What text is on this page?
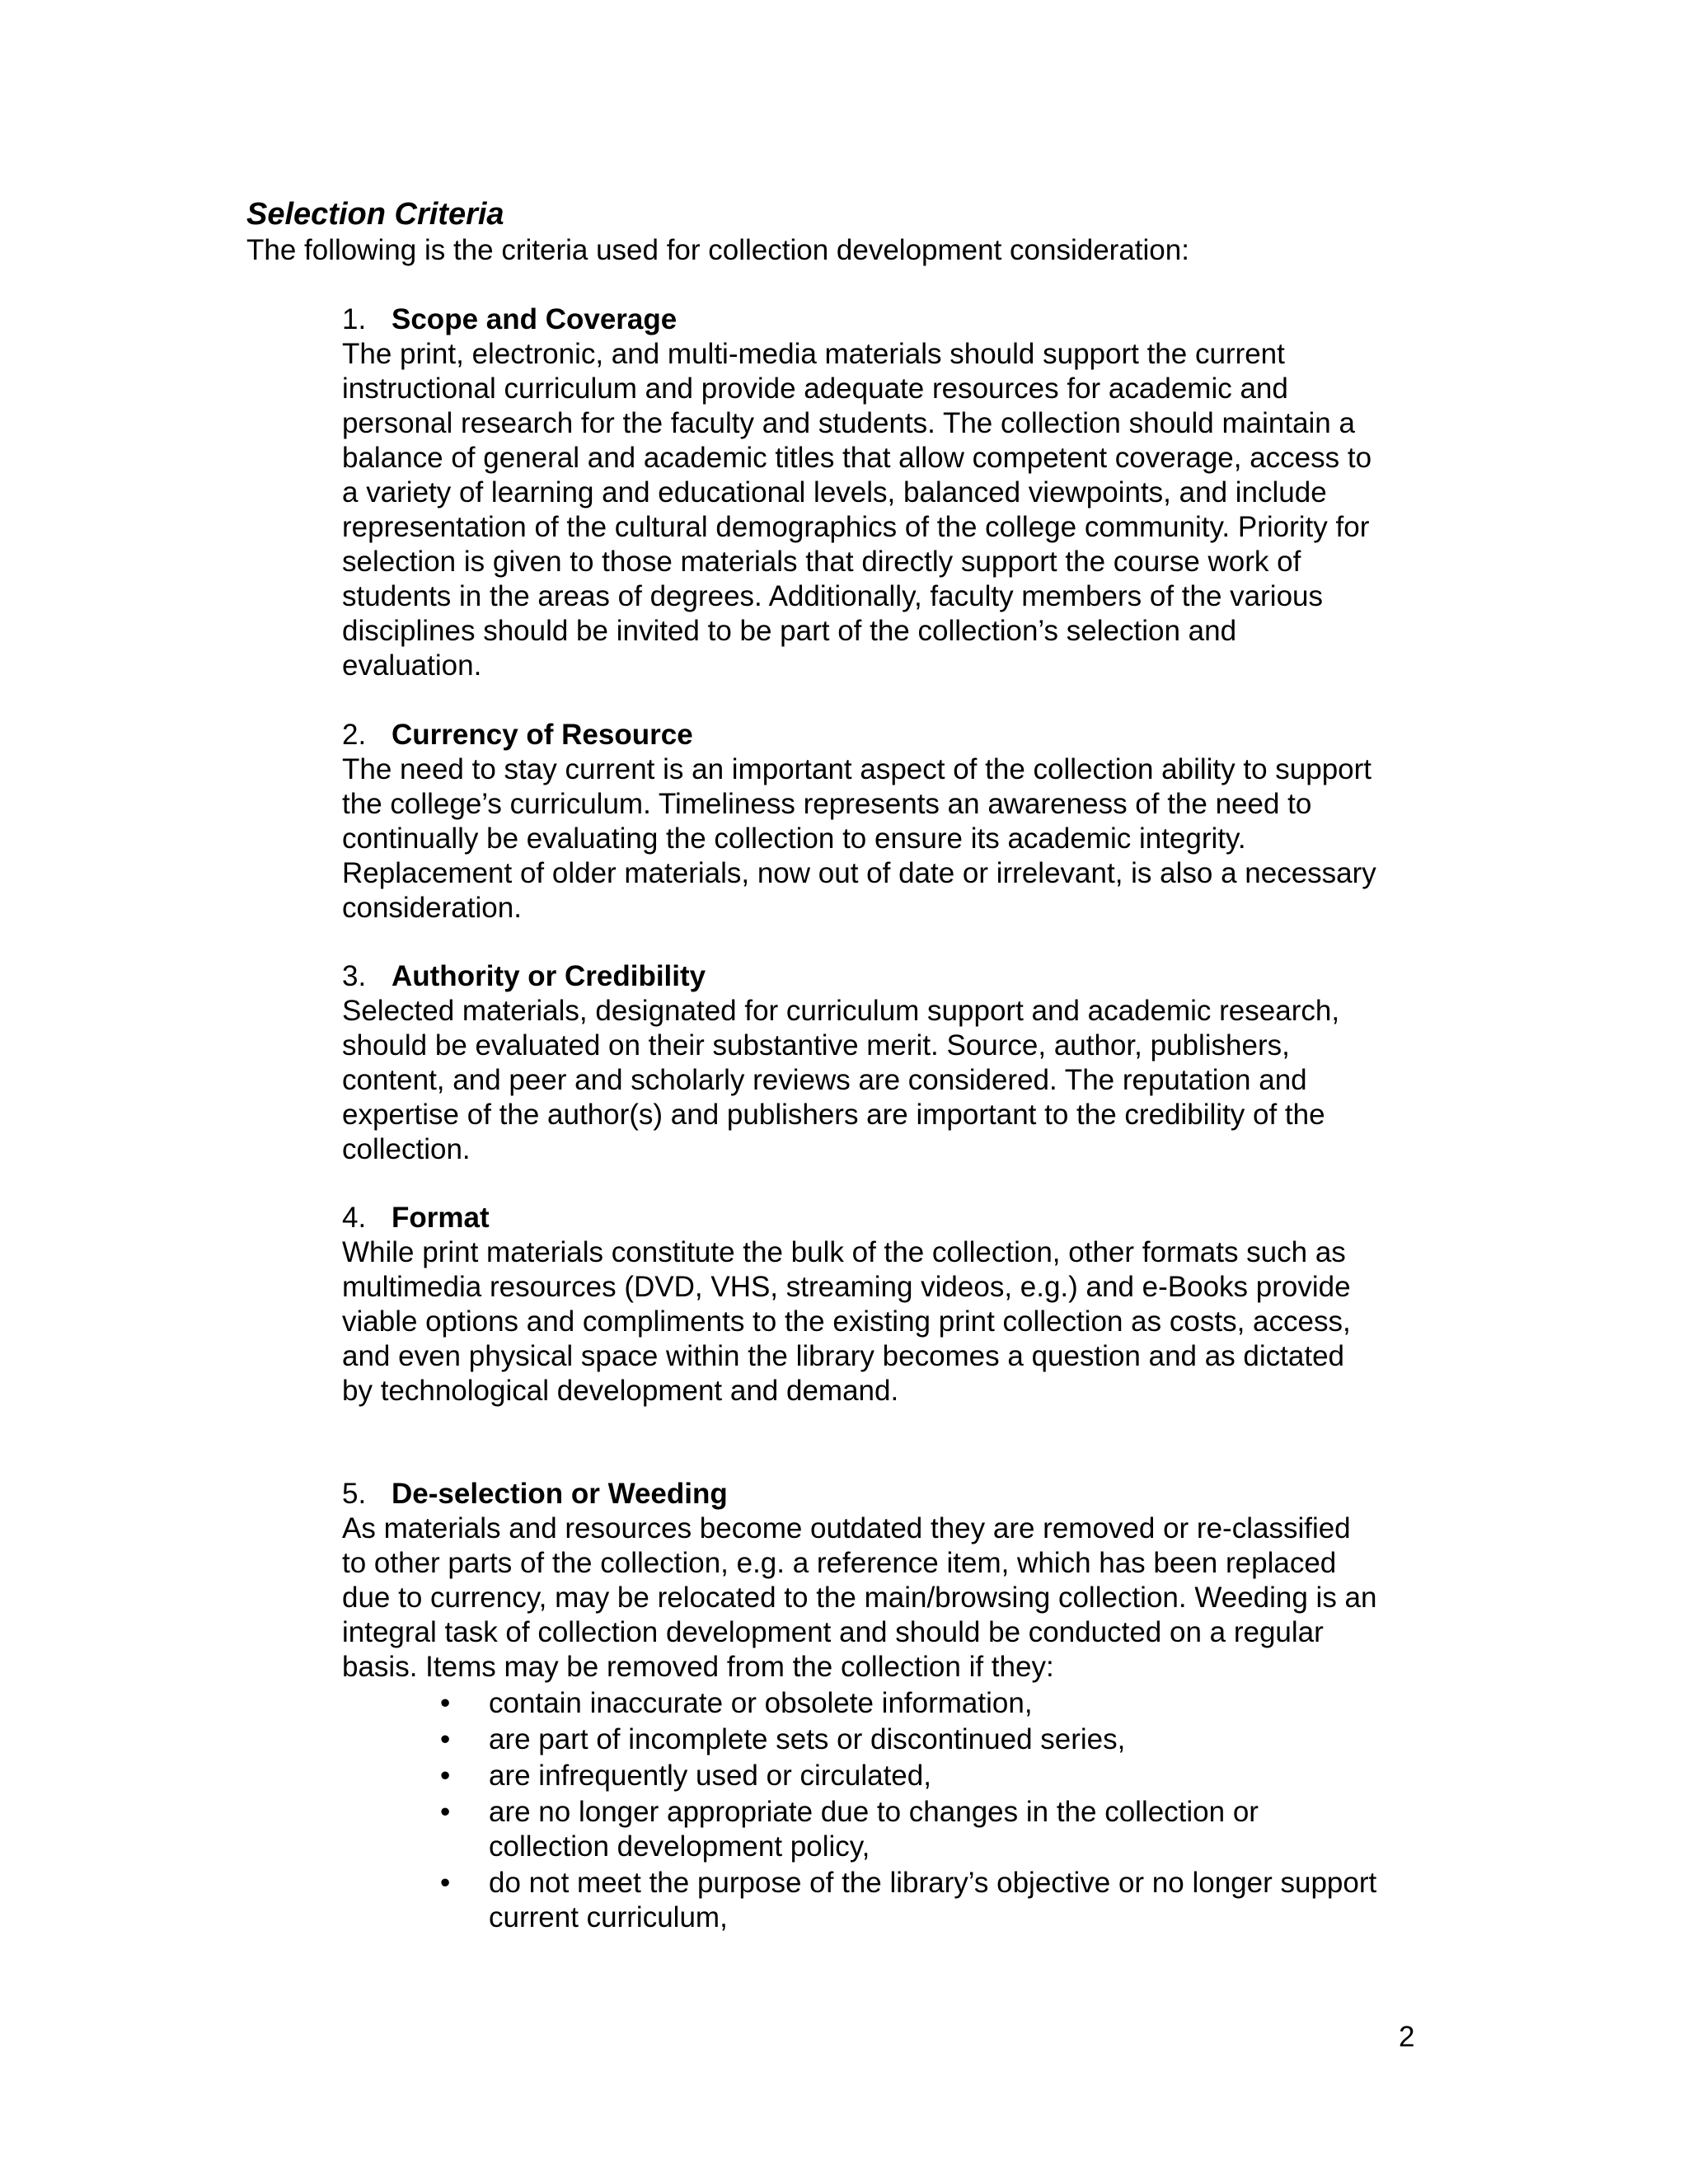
Selection Criteria
The following is the criteria used for collection development consideration:
1. Scope and Coverage
The print, electronic, and multi-media materials should support the current
instructional curriculum and provide adequate resources for academic and
personal research for the faculty and students. The collection should maintain a
balance of general and academic titles that allow competent coverage, access to
a variety of learning and educational levels, balanced viewpoints, and include
representation of the cultural demographics of the college community. Priority for
selection is given to those materials that directly support the course work of
students in the areas of degrees. Additionally, faculty members of the various
disciplines should be invited to be part of the collection’s selection and
evaluation.
2. Currency of Resource
The need to stay current is an important aspect of the collection ability to support
the college’s curriculum. Timeliness represents an awareness of the need to
continually be evaluating the collection to ensure its academic integrity.
Replacement of older materials, now out of date or irrelevant, is also a necessary
consideration.
3. Authority or Credibility
Selected materials, designated for curriculum support and academic research,
should be evaluated on their substantive merit. Source, author, publishers,
content, and peer and scholarly reviews are considered. The reputation and
expertise of the author(s) and publishers are important to the credibility of the
collection.
4. Format
While print materials constitute the bulk of the collection, other formats such as
multimedia resources (DVD, VHS, streaming videos, e.g.) and e-Books provide
viable options and compliments to the existing print collection as costs, access,
and even physical space within the library becomes a question and as dictated
by technological development and demand.
5. De-selection or Weeding
As materials and resources become outdated they are removed or re-classified
to other parts of the collection, e.g. a reference item, which has been replaced
due to currency, may be relocated to the main/browsing collection. Weeding is an
integral task of collection development and should be conducted on a regular
basis. Items may be removed from the collection if they:
• contain inaccurate or obsolete information,
• are part of incomplete sets or discontinued series,
• are infrequently used or circulated,
• are no longer appropriate due to changes in the collection or
collection development policy,
• do not meet the purpose of the library’s objective or no longer support
current curriculum,
2
